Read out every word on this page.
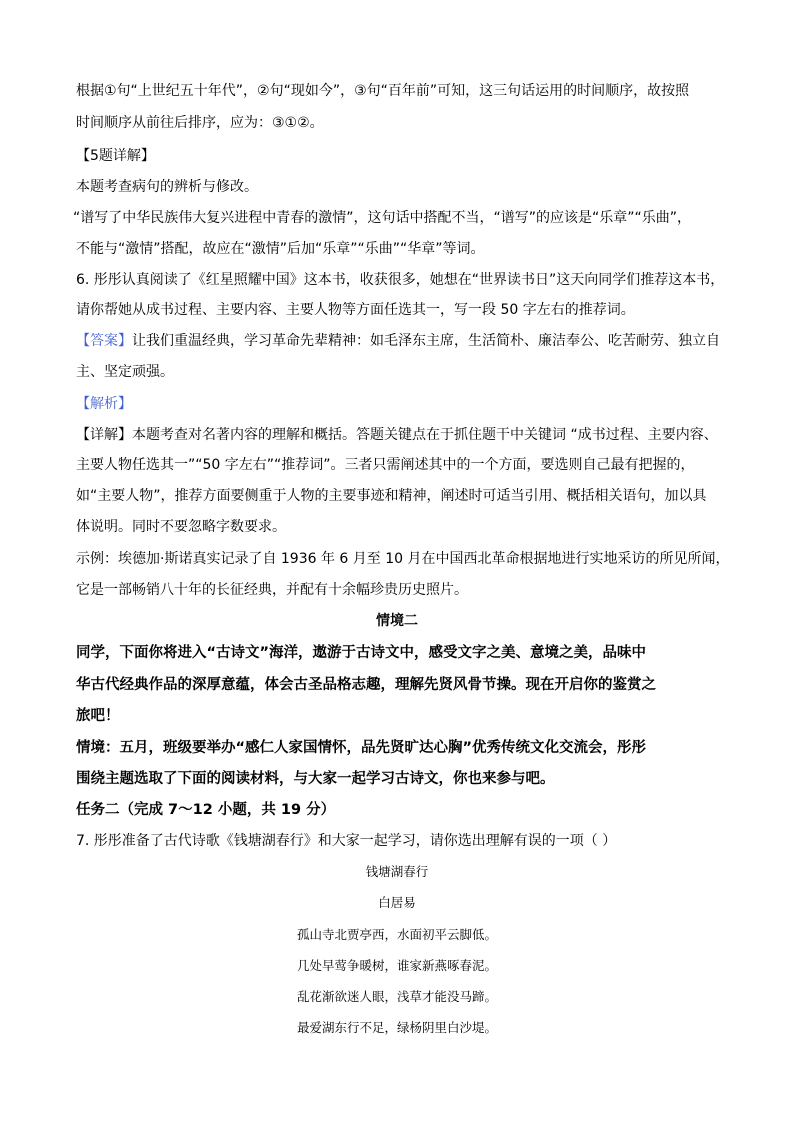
根据①句“上世纪五十年代”，②句“现如今”，③句“百年前”可知，这三句话运用的时间顺序，故按照
时间顺序从前往后排序，应为：③①②。
【5题详解】
本题考查病句的辨析与修改。
“谱写了中华民族伟大复兴进程中青春的激情”，这句话中搭配不当，“谱写”的应该是“乐章”“乐曲”，
不能与“激情”搭配，故应在“激情”后加“乐章”“乐曲”“华章”等词。
6. 彤彤认真阅读了《红星照耀中国》这本书，收获很多，她想在“世界读书日”这天向同学们推荐这本书，
请你帮她从成书过程、主要内容、主要人物等方面任选其一，写一段 50 字左右的推荐词。
【答案】让我们重温经典，学习革命先辈精神：如毛泽东主席，生活简朴、廉洁奉公、吃苦耐劳、独立自
主、坚定顽强。
【解析】
【详解】本题考查对名著内容的理解和概括。答题关键点在于抓住题干中关键词 “成书过程、主要内容、
主要人物任选其一”“50 字左右”“推荐词”。三者只需阐述其中的一个方面，要选则自己最有把握的，
如“主要人物”，推荐方面要侧重于人物的主要事迹和精神，阐述时可适当引用、概括相关语句，加以具
体说明。同时不要忽略字数要求。
示例：埃德加·斯诺真实记录了自 1936 年 6 月至 10 月在中国西北革命根据地进行实地采访的所见所闻，
它是一部畅销八十年的长征经典，并配有十余幅珍贵历史照片。
情境二
同学，下面你将进入“古诗文”海洋，遨游于古诗文中，感受文字之美、意境之美，品味中
华古代经典作品的深厚意蕴，体会古圣品格志趣，理解先贤风骨节操。现在开启你的鉴赏之
旅吧！
情境：五月，班级要举办“感仁人家国情怀，品先贤旷达心胸”优秀传统文化交流会，彤彤
围绕主题选取了下面的阅读材料，与大家一起学习古诗文，你也来参与吧。
任务二（完成 7～12 小题，共 19 分）
7. 彤彤准备了古代诗歌《钱塘湖春行》和大家一起学习，请你选出理解有误的一项（ ）
钱塘湖春行
白居易
孤山寺北贾亭西，水面初平云脚低。
几处早莺争暖树，谁家新燕啄春泥。
乱花渐欲迷人眼，浅草才能没马蹄。
最爱湖东行不足，绿杨阴里白沙堤。
